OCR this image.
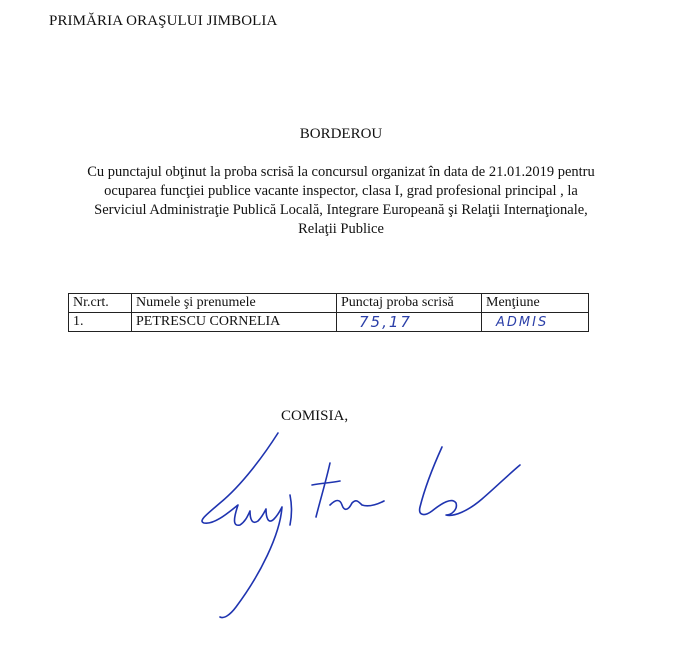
PRIMĂRIA ORAŞULUI JIMBOLIA
BORDEROU
Cu punctajul obţinut la proba scrisă la concursul organizat în data de 21.01.2019 pentru
ocuparea funcţiei publice vacante inspector, clasa I, grad profesional principal , la
Serviciul Administraţie Publică Locală, Integrare Europeană şi Relaţii Internaţionale,
Relaţii Publice
Nr.crt.	Numele şi prenumele	Punctaj proba scrisă	Menţiune
1.	PETRESCU CORNELIA	75,17	ADMIS
COMISIA,
